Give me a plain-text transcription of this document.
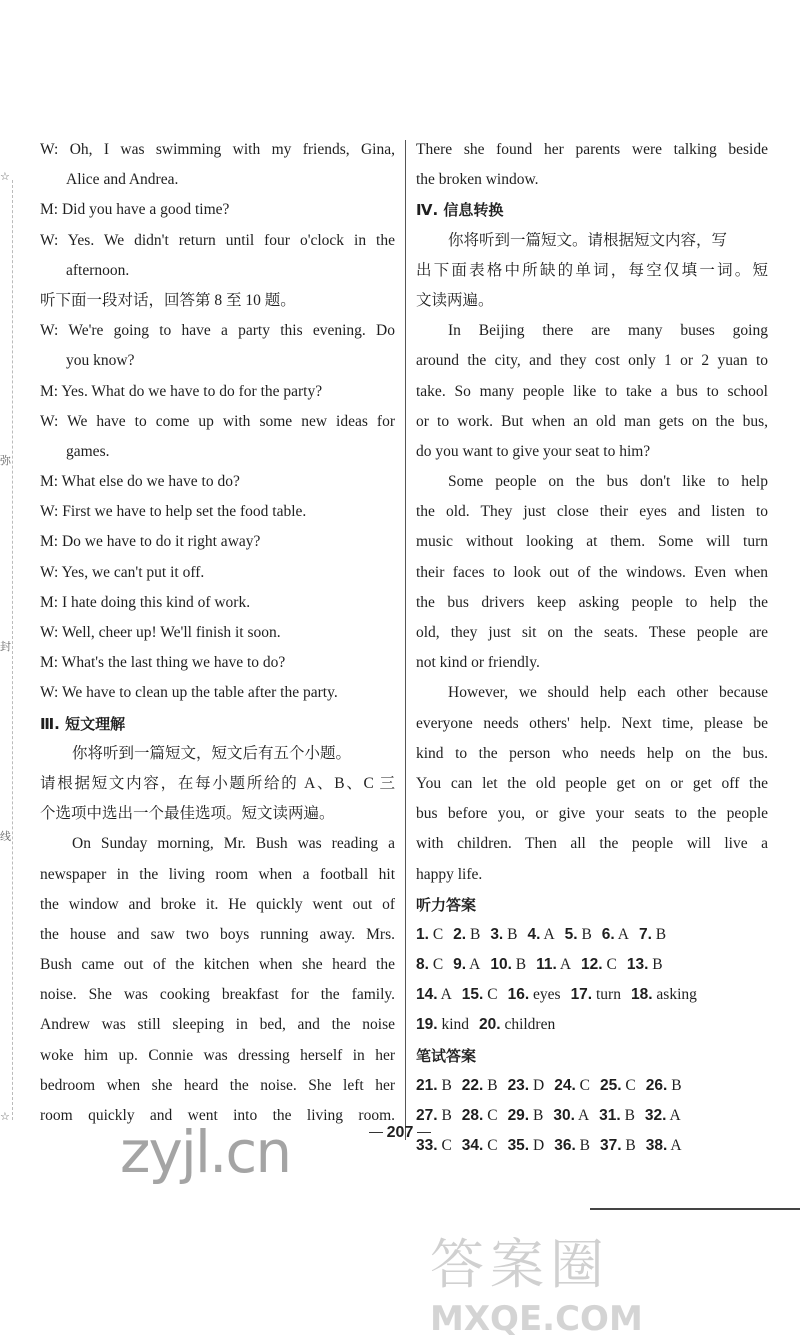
☆
弥
封
线
☆
W: Oh, I was swimming with my friends, Gina,
Alice and Andrea.
M: Did you have a good time?
W: Yes. We didn't return until four o'clock in the
afternoon.
听下面一段对话，回答第 8 至 10 题。
W: We're going to have a party this evening. Do
you know?
M: Yes. What do we have to do for the party?
W: We have to come up with some new ideas for
games.
M: What else do we have to do?
W: First we have to help set the food table.
M: Do we have to do it right away?
W: Yes, we can't put it off.
M: I hate doing this kind of work.
W: Well, cheer up! We'll finish it soon.
M: What's the last thing we have to do?
W: We have to clean up the table after the party.
Ⅲ. 短文理解
你将听到一篇短文，短文后有五个小题。
请根据短文内容，在每小题所给的 A、B、C 三
个选项中选出一个最佳选项。短文读两遍。
On Sunday morning, Mr. Bush was reading a
newspaper in the living room when a football hit
the window and broke it. He quickly went out of
the house and saw two boys running away. Mrs.
Bush came out of the kitchen when she heard the
noise. She was cooking breakfast for the family.
Andrew was still sleeping in bed, and the noise
woke him up. Connie was dressing herself in her
bedroom when she heard the noise. She left her
room quickly and went into the living room.
There she found her parents were talking beside
the broken window.
Ⅳ. 信息转换
你将听到一篇短文。请根据短文内容，写
出下面表格中所缺的单词，每空仅填一词。短
文读两遍。
In Beijing there are many buses going
around the city, and they cost only 1 or 2 yuan to
take. So many people like to take a bus to school
or to work. But when an old man gets on the bus,
do you want to give your seat to him?
Some people on the bus don't like to help
the old. They just close their eyes and listen to
music without looking at them. Some will turn
their faces to look out of the windows. Even when
the bus drivers keep asking people to help the
old, they just sit on the seats. These people are
not kind or friendly.
However, we should help each other because
everyone needs others' help. Next time, please be
kind to the person who needs help on the bus.
You can let the old people get on or get off the
bus before you, or give your seats to the people
with children. Then all the people will live a
happy life.
听力答案
1. C 2. B 3. B 4. A 5. B 6. A 7. B
8. C 9. A 10. B 11. A 12. C 13. B
14. A 15. C 16. eyes 17. turn 18. asking
19. kind 20. children
笔试答案
21. B 22. B 23. D 24. C 25. C 26. B
27. B 28. C 29. B 30. A 31. B 32. A
33. C 34. C 35. D 36. B 37. B 38. A
207
zyjl.cn
答案圈
MXQE.COM
